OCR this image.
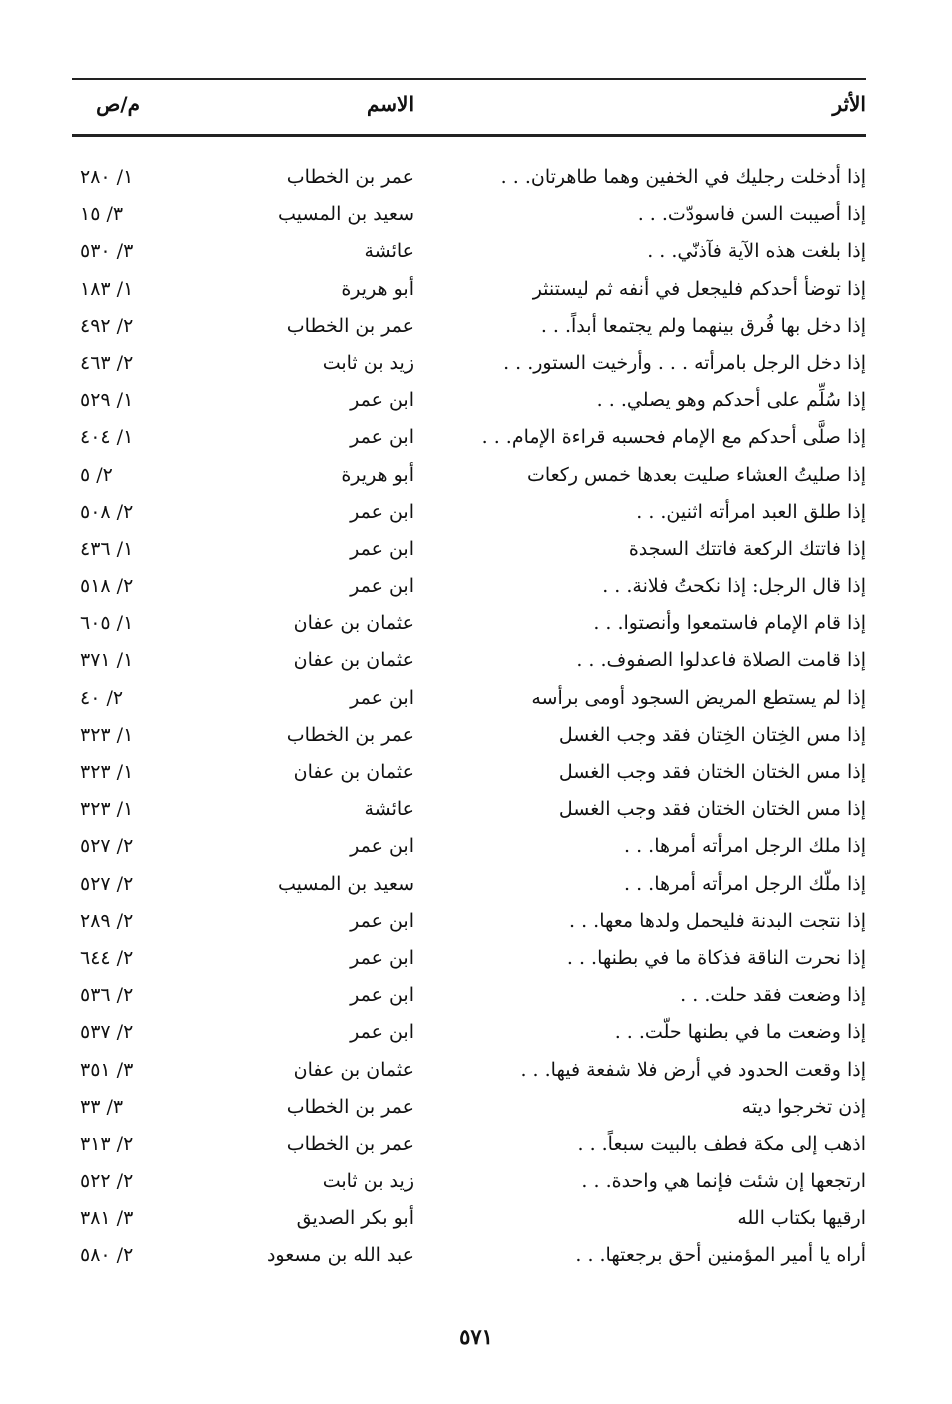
الأثر
الاسم
م/ص
إذا أدخلت رجليك في الخفين وهما طاهرتان. . .
عمر بن الخطاب
١/ ٢٨٠
إذا أصيبت السن فاسودّت. . .
سعيد بن المسيب
٣/ ١٥
إذا بلغت هذه الآية فآذنّي. . .
عائشة
٣/ ٥٣٠
إذا توضأ أحدكم فليجعل في أنفه ثم ليستنثر
أبو هريرة
١/ ١٨٣
إذا دخل بها فُرق بينهما ولم يجتمعا أبداً. . .
عمر بن الخطاب
٢/ ٤٩٢
إذا دخل الرجل بامرأته . . . وأرخيت الستور. . .
زيد بن ثابت
٢/ ٤٦٣
إذا سُلِّم على أحدكم وهو يصلي. . .
ابن عمر
١/ ٥٢٩
إذا صلَّى أحدكم مع الإمام فحسبه قراءة الإمام. . .
ابن عمر
١/ ٤٠٤
إذا صليتُ العشاء صليت بعدها خمس ركعات
أبو هريرة
٢/ ٥
إذا طلق العبد امرأته اثنين. . .
ابن عمر
٢/ ٥٠٨
إذا فاتتك الركعة فاتتك السجدة
ابن عمر
١/ ٤٣٦
إذا قال الرجل: إذا نكحتُ فلانة. . .
ابن عمر
٢/ ٥١٨
إذا قام الإمام فاستمعوا وأنصتوا. . .
عثمان بن عفان
١/ ٦٠٥
إذا قامت الصلاة فاعدلوا الصفوف. . .
عثمان بن عفان
١/ ٣٧١
إذا لم يستطع المريض السجود أومى برأسه
ابن عمر
٢/ ٤٠
إذا مس الخِتان الخِتان فقد وجب الغسل
عمر بن الخطاب
١/ ٣٢٣
إذا مس الختان الختان فقد وجب الغسل
عثمان بن عفان
١/ ٣٢٣
إذا مس الختان الختان فقد وجب الغسل
عائشة
١/ ٣٢٣
إذا ملك الرجل امرأته أمرها. . .
ابن عمر
٢/ ٥٢٧
إذا ملّك الرجل امرأته أمرها. . .
سعيد بن المسيب
٢/ ٥٢٧
إذا نتجت البدنة فليحمل ولدها معها. . .
ابن عمر
٢/ ٢٨٩
إذا نحرت الناقة فذكاة ما في بطنها. . .
ابن عمر
٢/ ٦٤٤
إذا وضعت فقد حلت. . .
ابن عمر
٢/ ٥٣٦
إذا وضعت ما في بطنها حلّت. . .
ابن عمر
٢/ ٥٣٧
إذا وقعت الحدود في أرض فلا شفعة فيها. . .
عثمان بن عفان
٣/ ٣٥١
إذن تخرجوا ديته
عمر بن الخطاب
٣/ ٣٣
اذهب إلى مكة فطف بالبيت سبعاً. . .
عمر بن الخطاب
٢/ ٣١٣
ارتجعها إن شئت فإنما هي واحدة. . .
زيد بن ثابت
٢/ ٥٢٢
ارقيها بكتاب الله
أبو بكر الصديق
٣/ ٣٨١
أراه يا أمير المؤمنين أحق برجعتها. . .
عبد الله بن مسعود
٢/ ٥٨٠
٥٧١
